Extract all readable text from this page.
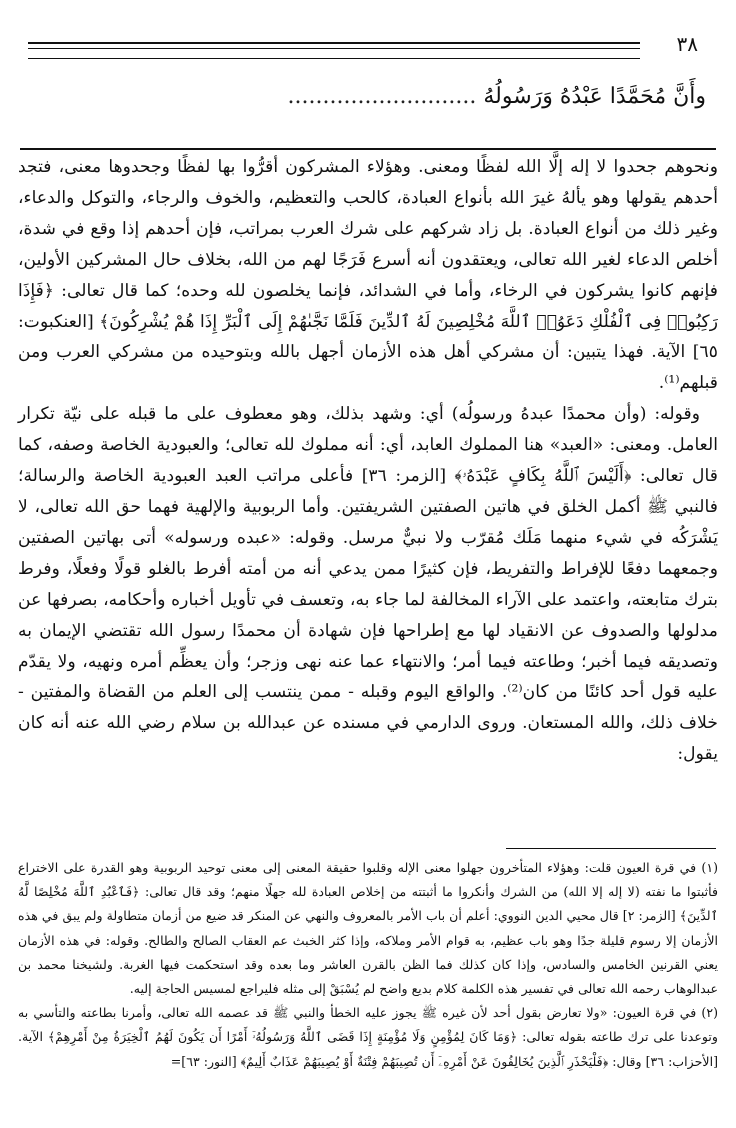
٣٨
وأَنَّ مُحَمَّدًا عَبْدُهُ وَرَسُولُهُ ...........................

ونحوهم جحدوا لا إله إلَّا الله لفظًا ومعنى. وهؤلاء المشركون أقرُّوا بها لفظًا وجحدوها معنى، فتجد أحدهم يقولها وهو يألهُ غيرَ الله بأنواع العبادة، كالحب والتعظيم، والخوف والرجاء، والتوكل والدعاء، وغير ذلك من أنواع العبادة. بل زاد شركهم على شرك العرب بمراتب، فإن أحدهم إذا وقع في شدة، أخلص الدعاء لغير الله تعالى، ويعتقدون أنه أسرع فَرَجًا لهم من الله، بخلاف حال المشركين الأولين، فإنهم كانوا يشركون في الرخاء، وأما في الشدائد، فإنما يخلصون لله وحده؛ كما قال تعالى: ﴿فَإِذَا رَكِبُوا۟ فِى ٱلْفُلْكِ دَعَوُا۟ ٱللَّهَ مُخْلِصِينَ لَهُ ٱلدِّينَ فَلَمَّا نَجَّىٰهُمْ إِلَى ٱلْبَرِّ إِذَا هُمْ يُشْرِكُونَ﴾ [العنكبوت: ٦٥] الآية. فهذا يتبين: أن مشركي أهل هذه الأزمان أجهل بالله وبتوحيده من مشركي العرب ومن قبلهم⁽¹⁾.

وقوله: (وأن محمدًا عبدهُ ورسولُه) أي: وشهد بذلك، وهو معطوف على ما قبله على نيّة تكرار العامل. ومعنى: «العبد» هنا المملوك العابد، أي: أنه مملوك لله تعالى؛ والعبودية الخاصة وصفه، كما قال تعالى: ﴿أَلَيْسَ ٱللَّهُ بِكَافٍ عَبْدَهُۥ﴾ [الزمر: ٣٦] فأعلى مراتب العبد العبودية الخاصة والرسالة؛ فالنبي ﷺ أكمل الخلق في هاتين الصفتين الشريفتين. وأما الربوبية والإلهية فهما حق الله تعالى، لا يَشْرَكُه في شيء منهما مَلَك مُقرّب ولا نبيٌّ مرسل. وقوله: «عبده ورسوله» أتى بهاتين الصفتين وجمعهما دفعًا للإفراط والتفريط، فإن كثيرًا ممن يدعي أنه من أمته أفرط بالغلو قولًا وفعلًا، وفرط بترك متابعته، واعتمد على الآراء المخالفة لما جاء به، وتعسف في تأويل أخباره وأحكامه، بصرفها عن مدلولها والصدوف عن الانقياد لها مع إطراحها فإن شهادة أن محمدًا رسول الله تقتضي الإيمان به وتصديقه فيما أخبر؛ وطاعته فيما أمر؛ والانتهاء عما عنه نهى وزجر؛ وأن يعظِّم أمره ونهيه، ولا يقدّم عليه قول أحد كائنًا من كان⁽²⁾. والواقع اليوم وقبله - ممن ينتسب إلى العلم من القضاة والمفتين - خلاف ذلك، والله المستعان. وروى الدارمي في مسنده عن عبدالله بن سلام رضي الله عنه أنه كان يقول:

(١) في قرة العيون قلت: وهؤلاء المتأخرون جهلوا معنى الإله وقلبوا حقيقة المعنى إلى معنى توحيد الربوبية وهو القدرة على الاختراع فأثبتوا ما نفته (لا إله إلا الله) من الشرك وأنكروا ما أثبتته من إخلاص العبادة لله جهلًا منهم؛ وقد قال تعالى: ﴿فَٱعْبُدِ ٱللَّهَ مُخْلِصًا لَّهُ ٱلدِّينَ﴾ [الزمر: ٢] قال محيي الدين النووي: أعلم أن باب الأمر بالمعروف والنهي عن المنكر قد ضيع من أزمان متطاولة ولم يبق في هذه الأزمان إلا رسوم قليلة جدًا وهو باب عظيم، به قوام الأمر وملاكه، وإذا كثر الخبث عم العقاب الصالح والطالح. وقوله: في هذه الأزمان يعني القرنين الخامس والسادس، وإذا كان كذلك فما الظن بالقرن العاشر وما بعده وقد استحكمت فيها الغربة. ولشيخنا محمد بن عبدالوهاب رحمه الله تعالى في تفسير هذه الكلمة كلام بديع واضح لم يُسْبَقْ إلى مثله فليراجع لمسيس الحاجة إليه.

(٢) في قرة العيون: «ولا تعارض بقول أحد لأن غيره ﷺ يجوز عليه الخطأ والنبي ﷺ قد عصمه الله تعالى، وأمرنا بطاعته والتأسي به وتوعدنا على ترك طاعته بقوله تعالى: ﴿وَمَا كَانَ لِمُؤْمِنٍ وَلَا مُؤْمِنَةٍ إِذَا قَضَى ٱللَّهُ وَرَسُولُهُۥٓ أَمْرًا أَن يَكُونَ لَهُمُ ٱلْخِيَرَةُ مِنْ أَمْرِهِمْ﴾ الآية. [الأحزاب: ٣٦] وقال: ﴿فَلْيَحْذَرِ ٱلَّذِينَ يُخَالِفُونَ عَنْ أَمْرِهِۦٓ أَن تُصِيبَهُمْ فِتْنَةٌ أَوْ يُصِيبَهُمْ عَذَابٌ أَلِيمٌ﴾ [النور: ٦٣]=
